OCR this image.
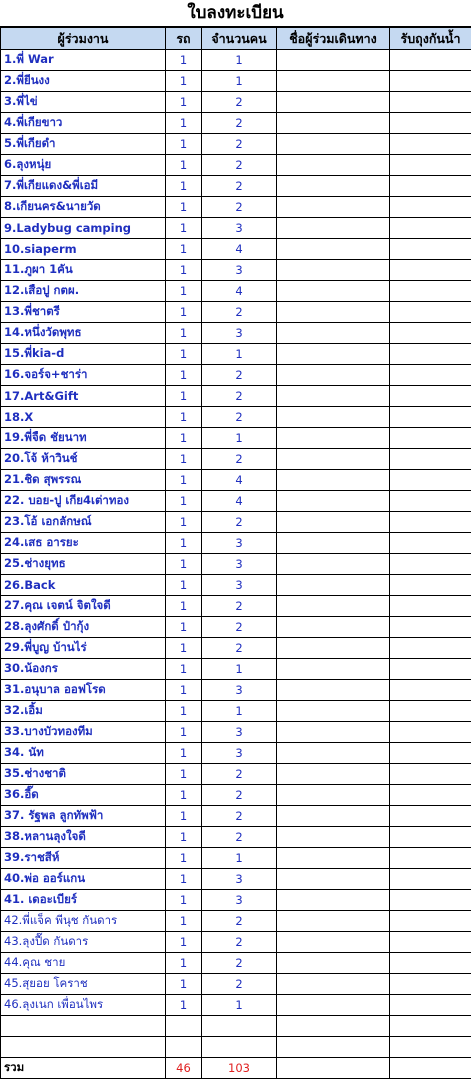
ใบลงทะเบียน
ผู้ร่วมงาน	รถ	จำนวนคน	ชื่อผู้ร่วมเดินทาง	รับถุงกันน้ำ
1.พี่ War	1	1		
2.พี่ยีนงง	1	1		
3.พี่ไข่	1	2		
4.พี่เกียขาว	1	2		
5.พี่เกียดำ	1	2		
6.ลุงหนุ่ย	1	2		
7.พี่เกียแดง&พี่เอมี	1	2		
8.เกียนคร&นายวัด	1	2		
9.Ladybug camping	1	3		
10.siaperm	1	4		
11.ภูผา 1คัน	1	3		
12.เสือปู กตผ.	1	4		
13.พี่ชาตรี	1	2		
14.หนึ่งวัดพุทธ	1	3		
15.พี่kia-d	1	1		
16.จอร์จ+ชาร่า	1	2		
17.Art&Gift	1	2		
18.X	1	2		
19.พี่จืด ชัยนาท	1	1		
20.โจ้ ห้าวินช์	1	2		
21.ชิด สุพรรณ	1	4		
22. บอย-ปู เกีย4เต่าทอง	1	4		
23.โอ้ เอกลักษณ์	1	2		
24.เสธ อารยะ	1	3		
25.ช่างยุทธ	1	3		
26.Back	1	3		
27.คุณ เจตน์ จิตใจดี	1	2		
28.ลุงศักดิ์ ป๋ากุ้ง	1	2		
29.พี่บูญ บ้านไร่	1	2		
30.น้องกร	1	1		
31.อนุบาล ออฟโรด	1	3		
32.เอิ้ม	1	1		
33.บางบัวทองทีม	1	3		
34. นัท	1	3		
35.ช่างชาติ	1	2		
36.อี๊ด	1	2		
37. รัฐพล ลูกทัพฟ้า	1	2		
38.หลานลุงใจดี	1	2		
39.ราชสีห์	1	1		
40.พ่อ ออร์แกน	1	3		
41. เดอะเบียร์	1	3		
42.พี่แจ็ค พีนุช กันดาร	1	2		
43.ลุงปื๊ด กันดาร	1	2		
44.คุณ ชาย	1	2		
45.สุยอย โคราช	1	2		
46.ลุงเนก เพื่อนไพร	1	1		

รวม	46	103		
